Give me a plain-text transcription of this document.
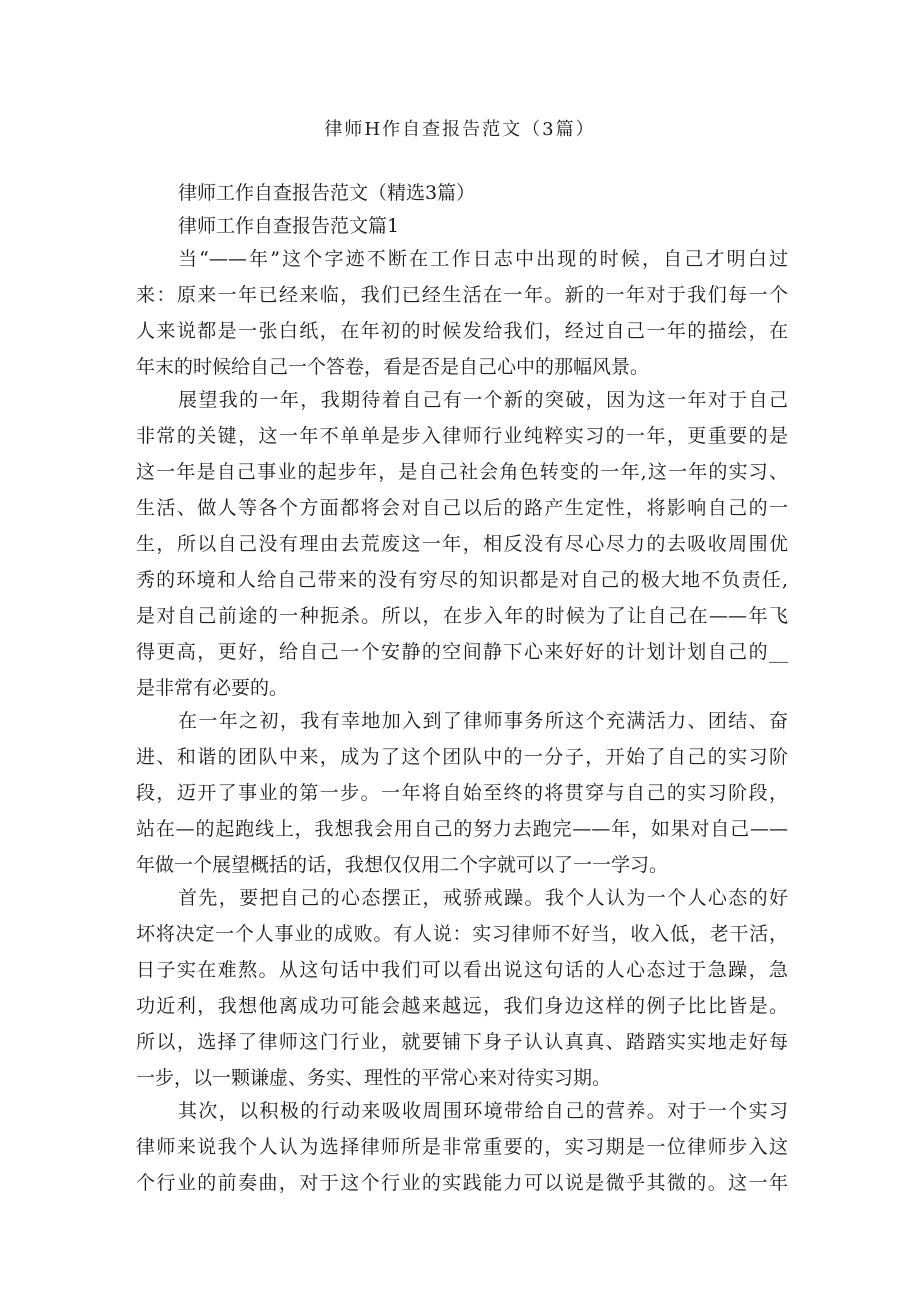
律师H作自查报告范文（3篇）
律师工作自查报告范文（精选3篇）
律师工作自查报告范文篇1
当“——年”这个字迹不断在工作日志中出现的时候，自己才明白过
来：原来一年已经来临，我们已经生活在一年。新的一年对于我们每一个
人来说都是一张白纸，在年初的时候发给我们，经过自己一年的描绘，在
年末的时候给自己一个答卷，看是否是自己心中的那幅风景。
展望我的一年，我期待着自己有一个新的突破，因为这一年对于自己
非常的关键，这一年不单单是步入律师行业纯粹实习的一年，更重要的是
这一年是自己事业的起步年，是自己社会角色转变的一年,这一年的实习、
生活、做人等各个方面都将会对自己以后的路产生定性，将影响自己的一
生，所以自己没有理由去荒废这一年，相反没有尽心尽力的去吸收周围优
秀的环境和人给自己带来的没有穷尽的知识都是对自己的极大地不负责任,
是对自己前途的一种扼杀。所以，在步入年的时候为了让自己在——年飞
得更高，更好，给自己一个安静的空间静下心来好好的计划计划自己的__
是非常有必要的。
在一年之初，我有幸地加入到了律师事务所这个充满活力、团结、奋
进、和谐的团队中来，成为了这个团队中的一分子，开始了自己的实习阶
段，迈开了事业的第一步。一年将自始至终的将贯穿与自己的实习阶段，
站在—的起跑线上，我想我会用自己的努力去跑完——年，如果对自己——
年做一个展望概括的话，我想仅仅用二个字就可以了一一学习。
首先，要把自己的心态摆正，戒骄戒躁。我个人认为一个人心态的好
坏将决定一个人事业的成败。有人说：实习律师不好当，收入低，老干活，
日子实在难熬。从这句话中我们可以看出说这句话的人心态过于急躁，急
功近利，我想他离成功可能会越来越远，我们身边这样的例子比比皆是。
所以，选择了律师这门行业，就要铺下身子认认真真、踏踏实实地走好每
一步，以一颗谦虚、务实、理性的平常心来对待实习期。
其次，以积极的行动来吸收周围环境带给自己的营养。对于一个实习
律师来说我个人认为选择律师所是非常重要的，实习期是一位律师步入这
个行业的前奏曲，对于这个行业的实践能力可以说是微乎其微的。这一年
